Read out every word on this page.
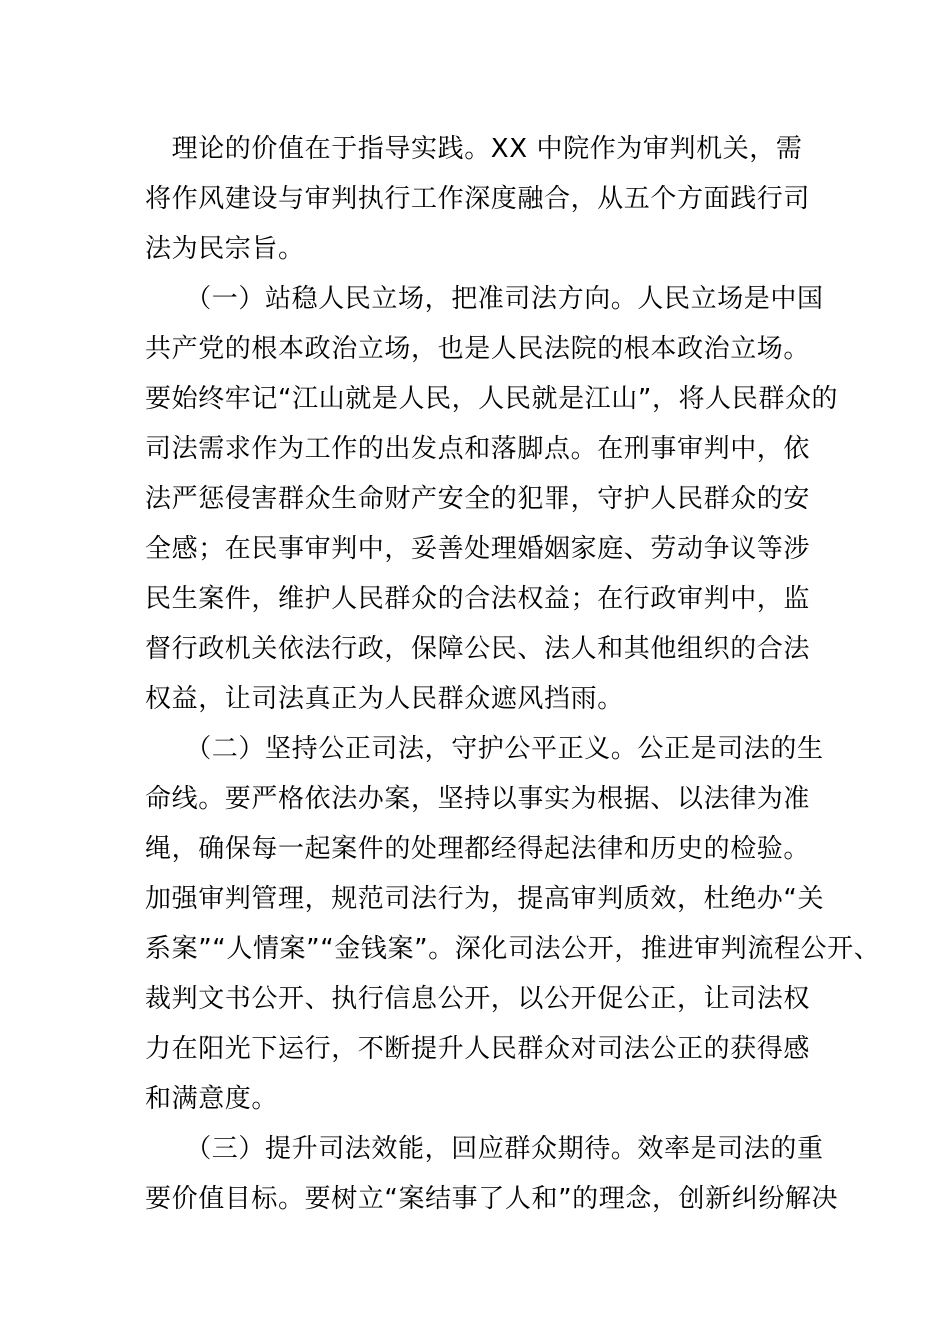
　理论的价值在于指导实践。XX 中院作为审判机关，需
将作风建设与审判执行工作深度融合，从五个方面践行司
法为民宗旨。
　　（一）站稳人民立场，把准司法方向。人民立场是中国
共产党的根本政治立场，也是人民法院的根本政治立场。
要始终牢记“江山就是人民，人民就是江山”，将人民群众的
司法需求作为工作的出发点和落脚点。在刑事审判中，依
法严惩侵害群众生命财产安全的犯罪，守护人民群众的安
全感；在民事审判中，妥善处理婚姻家庭、劳动争议等涉
民生案件，维护人民群众的合法权益；在行政审判中，监
督行政机关依法行政，保障公民、法人和其他组织的合法
权益，让司法真正为人民群众遮风挡雨。
　　（二）坚持公正司法，守护公平正义。公正是司法的生
命线。要严格依法办案，坚持以事实为根据、以法律为准
绳，确保每一起案件的处理都经得起法律和历史的检验。
加强审判管理，规范司法行为，提高审判质效，杜绝办“关
系案”“人情案”“金钱案”。深化司法公开，推进审判流程公开、
裁判文书公开、执行信息公开，以公开促公正，让司法权
力在阳光下运行，不断提升人民群众对司法公正的获得感
和满意度。
　　（三）提升司法效能，回应群众期待。效率是司法的重
要价值目标。要树立“案结事了人和”的理念，创新纠纷解决
